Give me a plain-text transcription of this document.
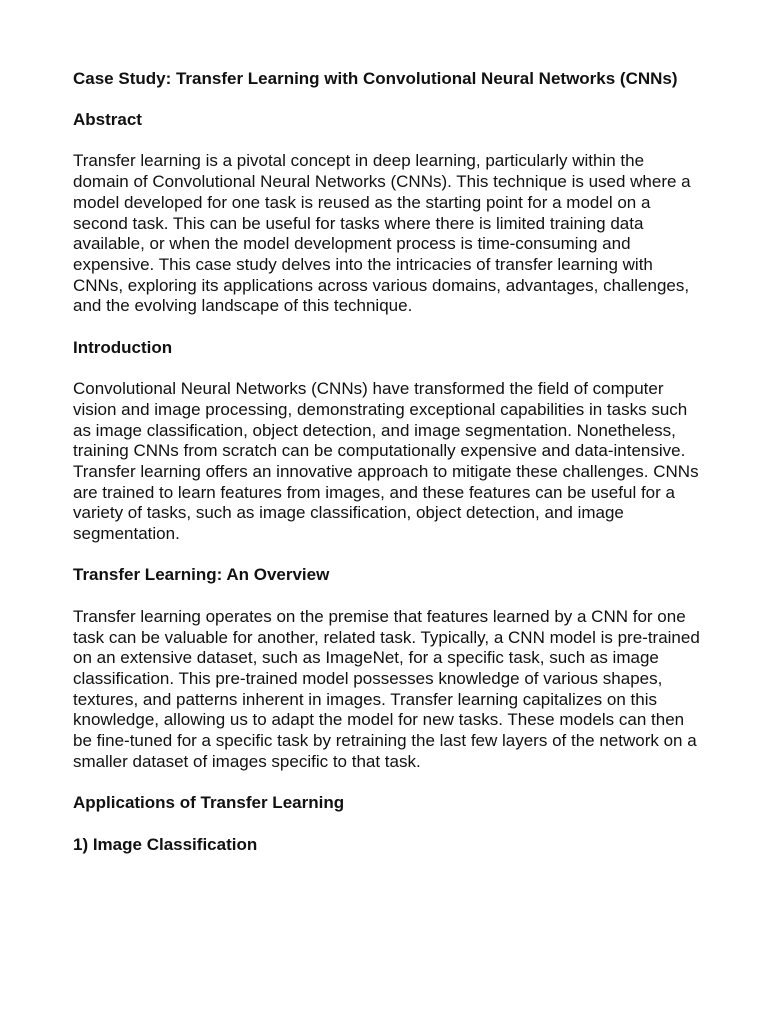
Case Study: Transfer Learning with Convolutional Neural Networks (CNNs)

Abstract

Transfer learning is a pivotal concept in deep learning, particularly within the domain of Convolutional Neural Networks (CNNs). This technique is used where a model developed for one task is reused as the starting point for a model on a second task. This can be useful for tasks where there is limited training data available, or when the model development process is time-consuming and expensive. This case study delves into the intricacies of transfer learning with CNNs, exploring its applications across various domains, advantages, challenges, and the evolving landscape of this technique.

Introduction

Convolutional Neural Networks (CNNs) have transformed the field of computer vision and image processing, demonstrating exceptional capabilities in tasks such as image classification, object detection, and image segmentation. Nonetheless, training CNNs from scratch can be computationally expensive and data-intensive. Transfer learning offers an innovative approach to mitigate these challenges. CNNs are trained to learn features from images, and these features can be useful for a variety of tasks, such as image classification, object detection, and image segmentation.

Transfer Learning: An Overview

Transfer learning operates on the premise that features learned by a CNN for one task can be valuable for another, related task. Typically, a CNN model is pre-trained on an extensive dataset, such as ImageNet, for a specific task, such as image classification. This pre-trained model possesses knowledge of various shapes, textures, and patterns inherent in images. Transfer learning capitalizes on this knowledge, allowing us to adapt the model for new tasks. These models can then be fine-tuned for a specific task by retraining the last few layers of the network on a smaller dataset of images specific to that task.

Applications of Transfer Learning

1) Image Classification
